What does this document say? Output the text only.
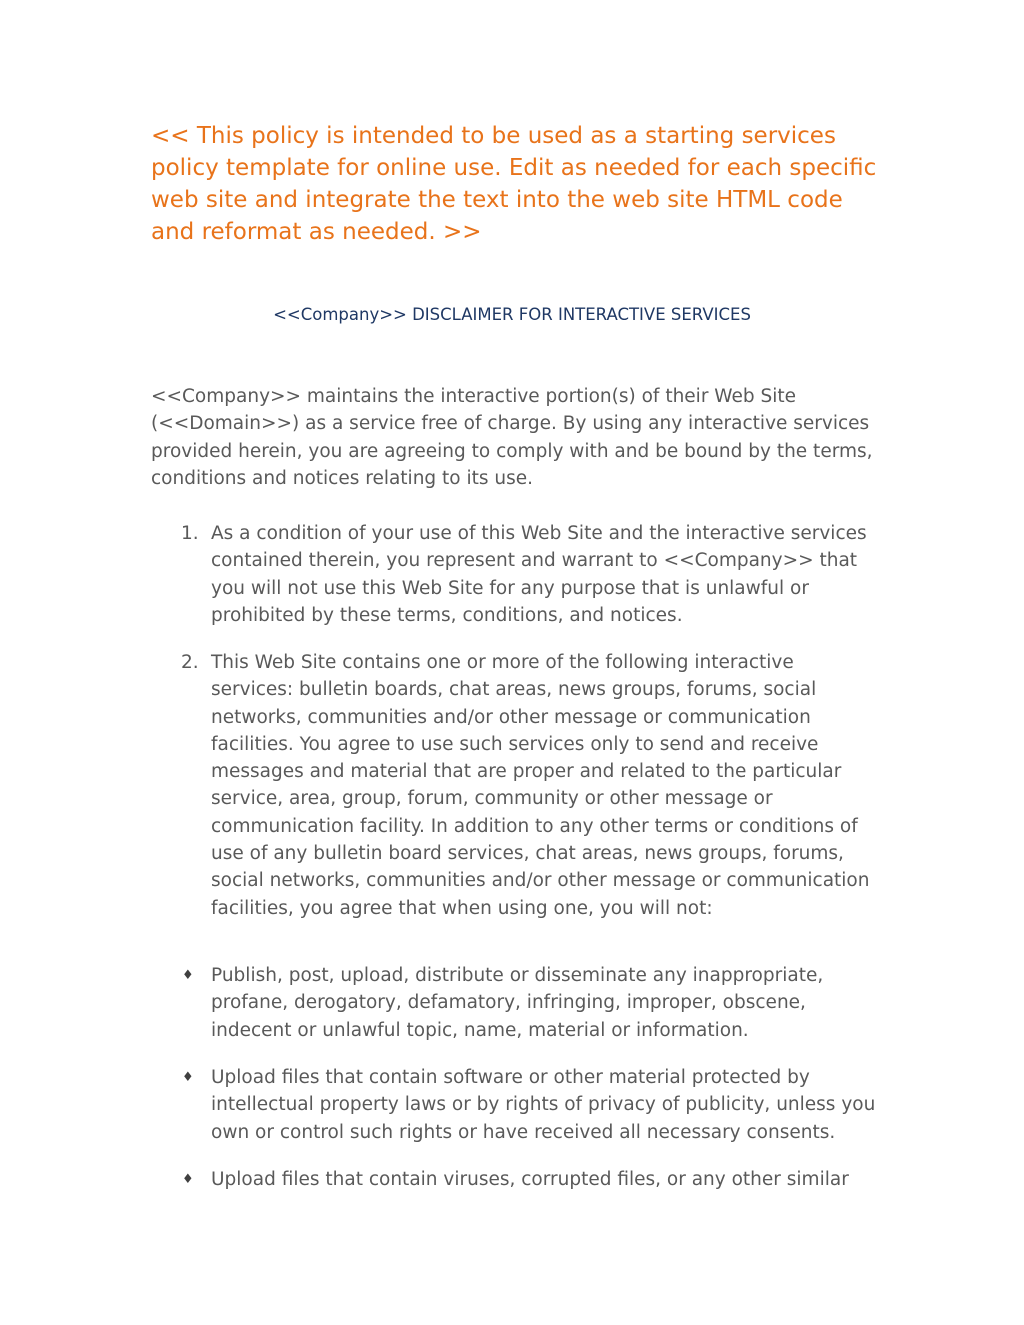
<< This policy is intended to be used as a starting services policy template for online use. Edit as needed for each specific web site and integrate the text into the web site HTML code and reformat as needed. >>

<<Company>> DISCLAIMER FOR INTERACTIVE SERVICES

<<Company>> maintains the interactive portion(s) of their Web Site (<<Domain>>) as a service free of charge. By using any interactive services provided herein, you are agreeing to comply with and be bound by the terms, conditions and notices relating to its use.

1. As a condition of your use of this Web Site and the interactive services contained therein, you represent and warrant to <<Company>> that you will not use this Web Site for any purpose that is unlawful or prohibited by these terms, conditions, and notices.
2. This Web Site contains one or more of the following interactive services: bulletin boards, chat areas, news groups, forums, social networks, communities and/or other message or communication facilities. You agree to use such services only to send and receive messages and material that are proper and related to the particular service, area, group, forum, community or other message or communication facility. In addition to any other terms or conditions of use of any bulletin board services, chat areas, news groups, forums, social networks, communities and/or other message or communication facilities, you agree that when using one, you will not:
♦ Publish, post, upload, distribute or disseminate any inappropriate, profane, derogatory, defamatory, infringing, improper, obscene, indecent or unlawful topic, name, material or information.
♦ Upload files that contain software or other material protected by intellectual property laws or by rights of privacy of publicity, unless you own or control such rights or have received all necessary consents.
♦ Upload files that contain viruses, corrupted files, or any other similar
